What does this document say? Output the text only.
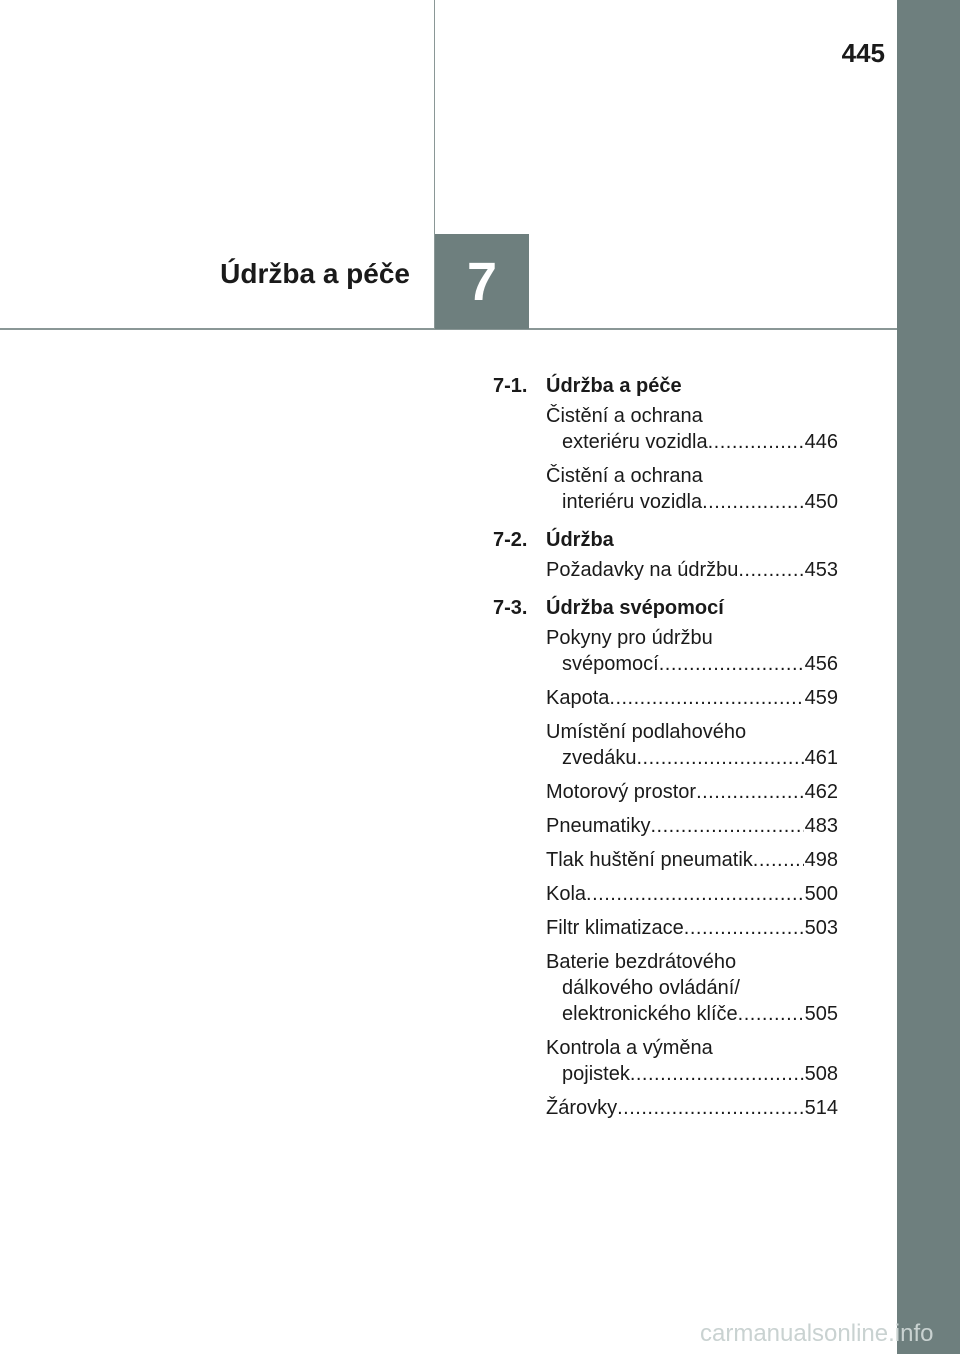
445
Údržba a péče	7
7-1. Údržba a péče
Čistění a ochrana
exteriéru vozidla .....	446
Čistění a ochrana
interiéru vozidla .....	450
7-2. Údržba
Požadavky na údržbu .....	453
7-3. Údržba svépomocí
Pokyny pro údržbu
svépomocí .....	456
Kapota .....	459
Umístění podlahového
zvedáku .....	461
Motorový prostor .....	462
Pneumatiky .....	483
Tlak huštění pneumatik .....	498
Kola .....	500
Filtr klimatizace .....	503
Baterie bezdrátového
dálkového ovládání/
elektronického klíče .....	505
Kontrola a výměna
pojistek .....	508
Žárovky .....	514
carmanualsonline.info
